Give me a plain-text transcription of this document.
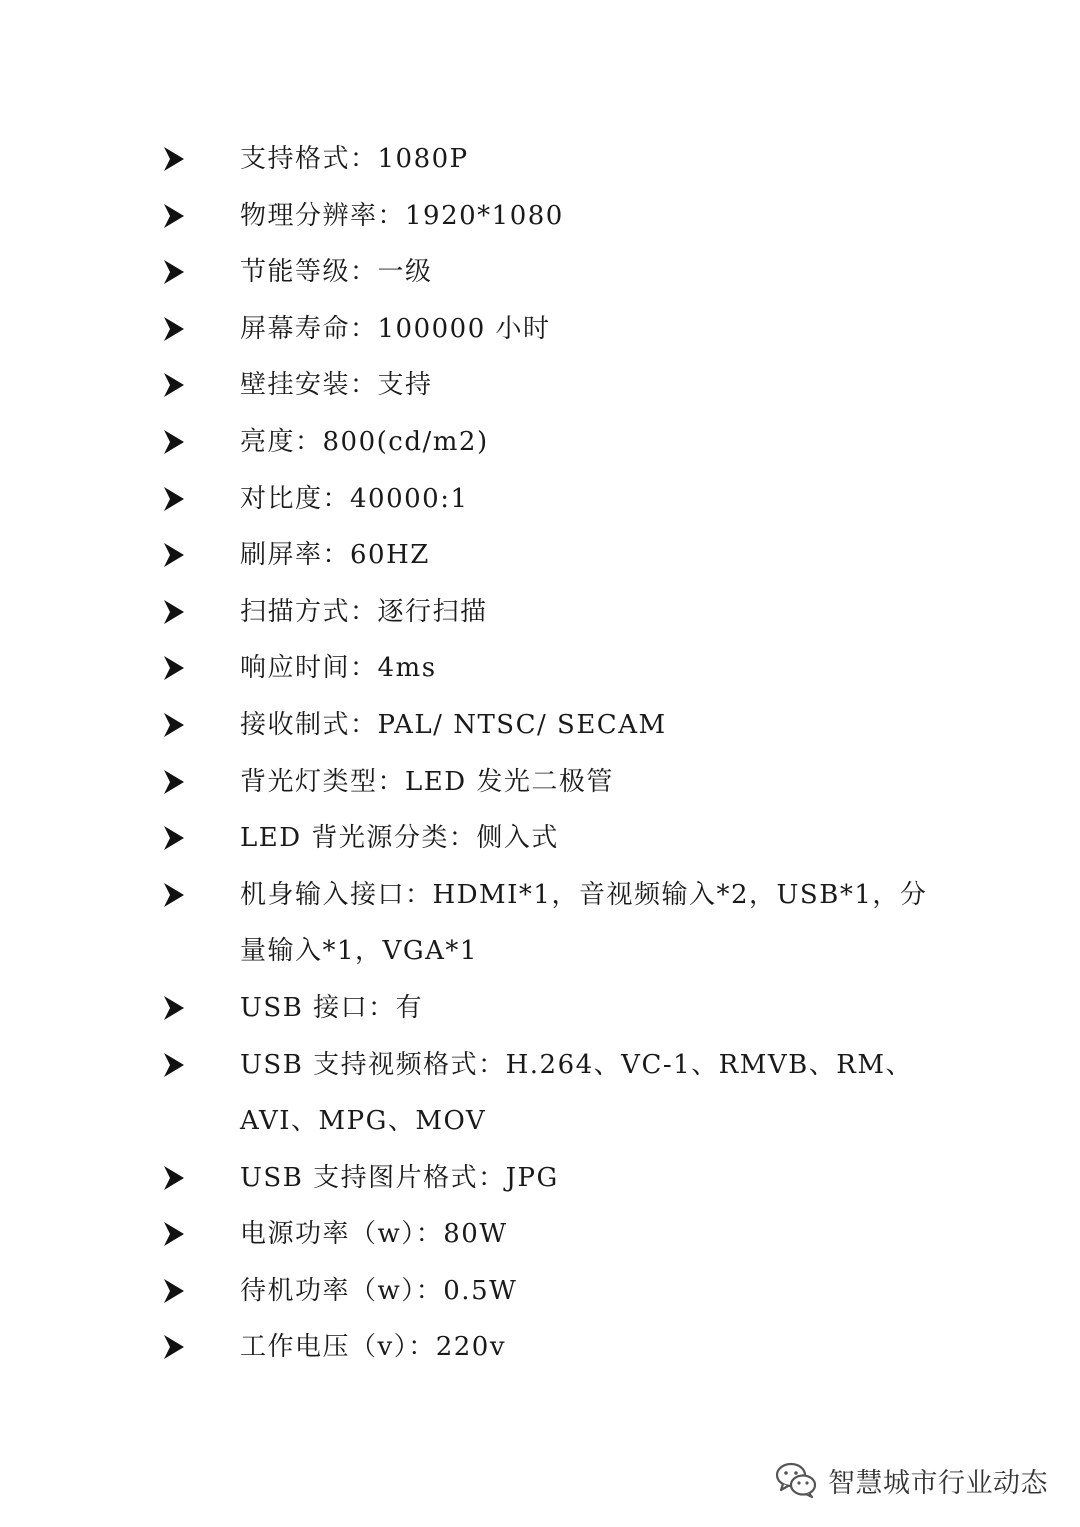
支持格式：1080P
物理分辨率：1920*1080
节能等级：一级
屏幕寿命：100000 小时
壁挂安装：支持
亮度：800(cd/m2)
对比度：40000:1
刷屏率：60HZ
扫描方式：逐行扫描
响应时间：4ms
接收制式：PAL/ NTSC/ SECAM
背光灯类型：LED 发光二极管
LED 背光源分类：侧入式
机身输入接口：HDMI*1，音视频输入*2，USB*1，分量输入*1，VGA*1
USB 接口：有
USB 支持视频格式：H.264、VC-1、RMVB、RM、AVI、MPG、MOV
USB 支持图片格式：JPG
电源功率（w）：80W
待机功率（w）：0.5W
工作电压（v）：220v
智慧城市行业动态
